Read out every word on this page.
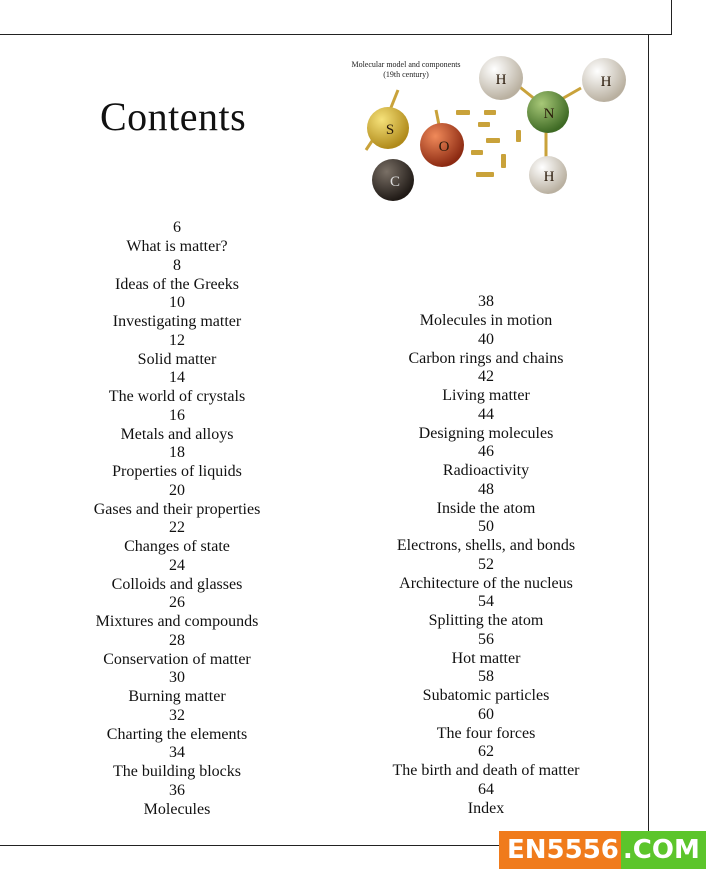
Contents	S
O
C
H
N
H
H
Molecular model and components (19th century)
6
What is matter?
8
Ideas of the Greeks
10
Investigating matter
12
Solid matter
14
The world of crystals
16
Metals and alloys
18
Properties of liquids
20
Gases and their properties
22
Changes of state
24
Colloids and glasses
26
Mixtures and compounds
28
Conservation of matter
30
Burning matter
32
Charting the elements
34
The building blocks
36
Molecules
38
Molecules in motion
40
Carbon rings and chains
42
Living matter
44
Designing molecules
46
Radioactivity
48
Inside the atom
50
Electrons, shells, and bonds
52
Architecture of the nucleus
54
Splitting the atom
56
Hot matter
58
Subatomic particles
60
The four forces
62
The birth and death of matter
64
Index
EN5556 .COM
